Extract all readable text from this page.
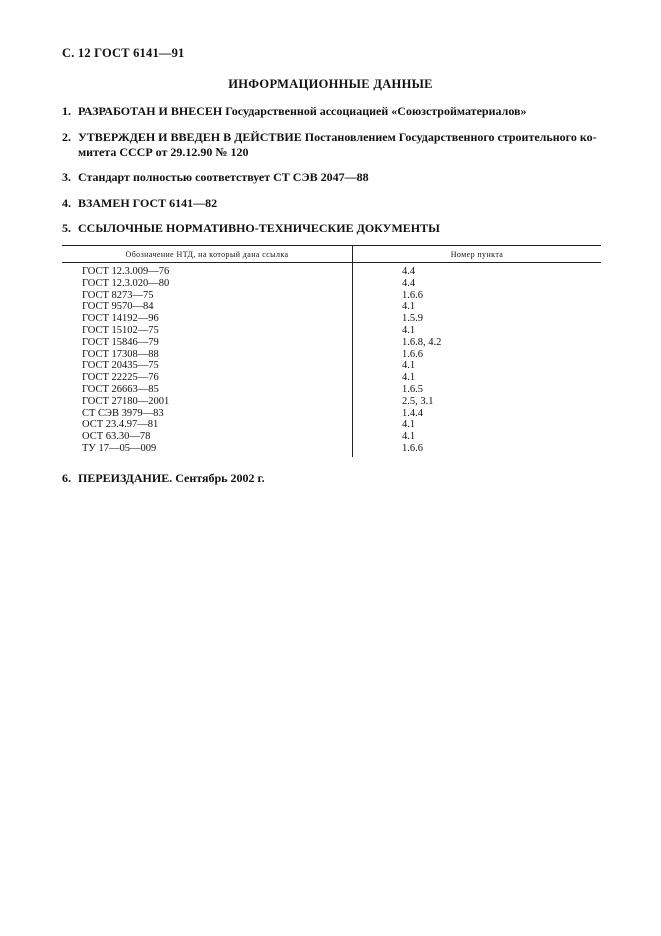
С. 12 ГОСТ 6141—91
ИНФОРМАЦИОННЫЕ ДАННЫЕ
1. РАЗРАБОТАН И ВНЕСЕН Государственной ассоциацией «Союзстройматериалов»
2. УТВЕРЖДЕН И ВВЕДЕН В ДЕЙСТВИЕ Постановлением Государственного строительного ко-
митета СССР от 29.12.90 № 120
3. Стандарт полностью соответствует СТ СЭВ 2047—88
4. ВЗАМЕН ГОСТ 6141—82
5. ССЫЛОЧНЫЕ НОРМАТИВНО-ТЕХНИЧЕСКИЕ ДОКУМЕНТЫ
Обозначение НТД, на который дана ссылка	Номер пункта
ГОСТ 12.3.009—76	4.4
ГОСТ 12.3.020—80	4.4
ГОСТ 8273—75	1.6.6
ГОСТ 9570—84	4.1
ГОСТ 14192—96	1.5.9
ГОСТ 15102—75	4.1
ГОСТ 15846—79	1.6.8, 4.2
ГОСТ 17308—88	1.6.6
ГОСТ 20435—75	4.1
ГОСТ 22225—76	4.1
ГОСТ 26663—85	1.6.5
ГОСТ 27180—2001	2.5, 3.1
СТ СЭВ 3979—83	1.4.4
ОСТ 23.4.97—81	4.1
ОСТ 63.30—78	4.1
ТУ 17—05—009	1.6.6
6. ПЕРЕИЗДАНИЕ. Сентябрь 2002 г.
